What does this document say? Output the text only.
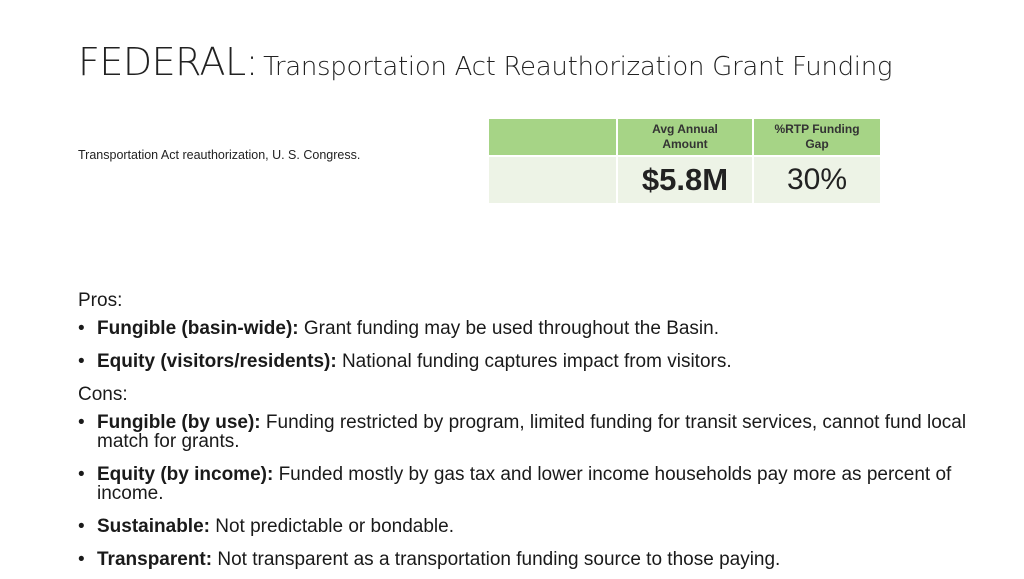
FEDERAL: Transportation Act Reauthorization Grant Funding
Transportation Act reauthorization, U. S. Congress.
	Avg Annual Amount	%RTP Funding Gap
	$5.8M	30%
Pros:
• Fungible (basin-wide): Grant funding may be used throughout the Basin.
• Equity (visitors/residents): National funding captures impact from visitors.
Cons:
• Fungible (by use): Funding restricted by program, limited funding for transit services, cannot fund local match for grants.
• Equity (by income): Funded mostly by gas tax and lower income households pay more as percent of income.
• Sustainable: Not predictable or bondable.
• Transparent: Not transparent as a transportation funding source to those paying.
